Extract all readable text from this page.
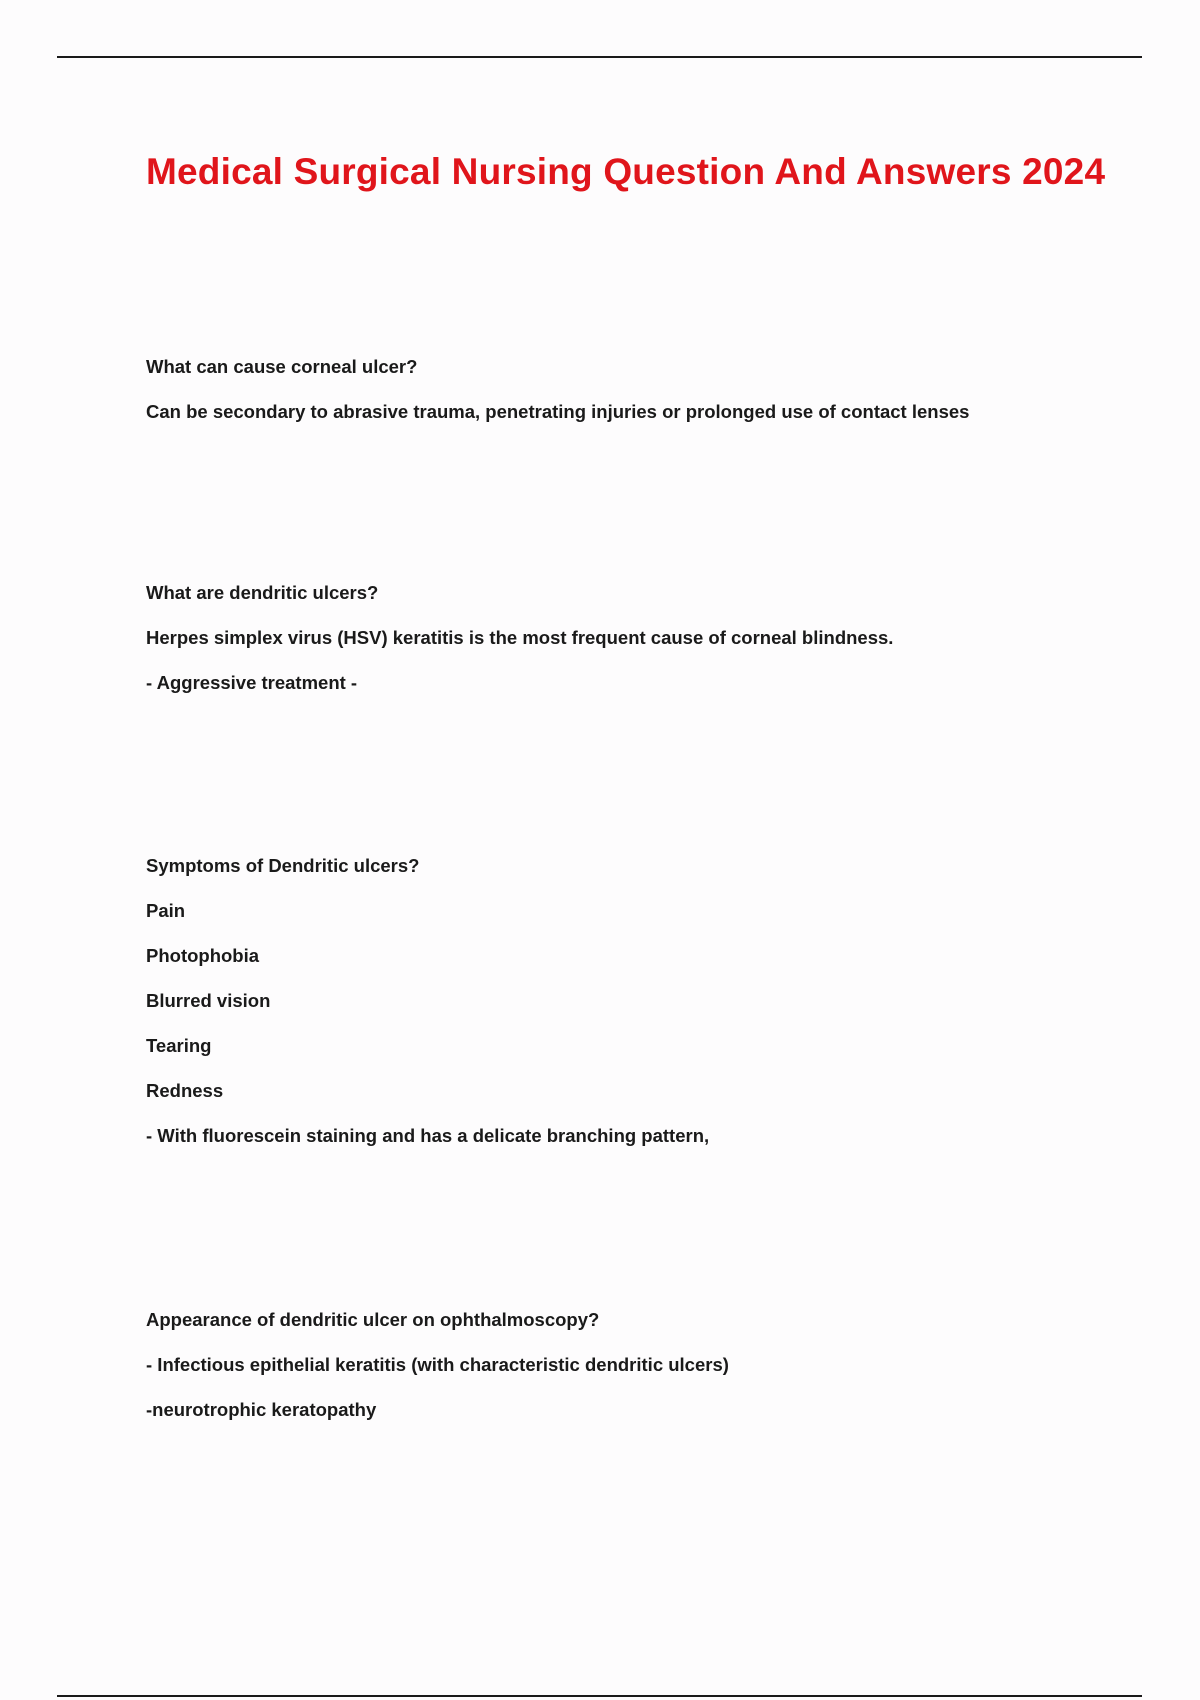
Medical Surgical Nursing Question And Answers 2024

What can cause corneal ulcer?

Can be secondary to abrasive trauma, penetrating injuries or prolonged use of contact lenses

What are dendritic ulcers?

Herpes simplex virus (HSV) keratitis is the most frequent cause of corneal blindness.

- Aggressive treatment -

Symptoms of Dendritic ulcers?

Pain

Photophobia

Blurred vision

Tearing

Redness

- With fluorescein staining and has a delicate branching pattern,

Appearance of dendritic ulcer on ophthalmoscopy?

- Infectious epithelial keratitis (with characteristic dendritic ulcers)

-neurotrophic keratopathy
